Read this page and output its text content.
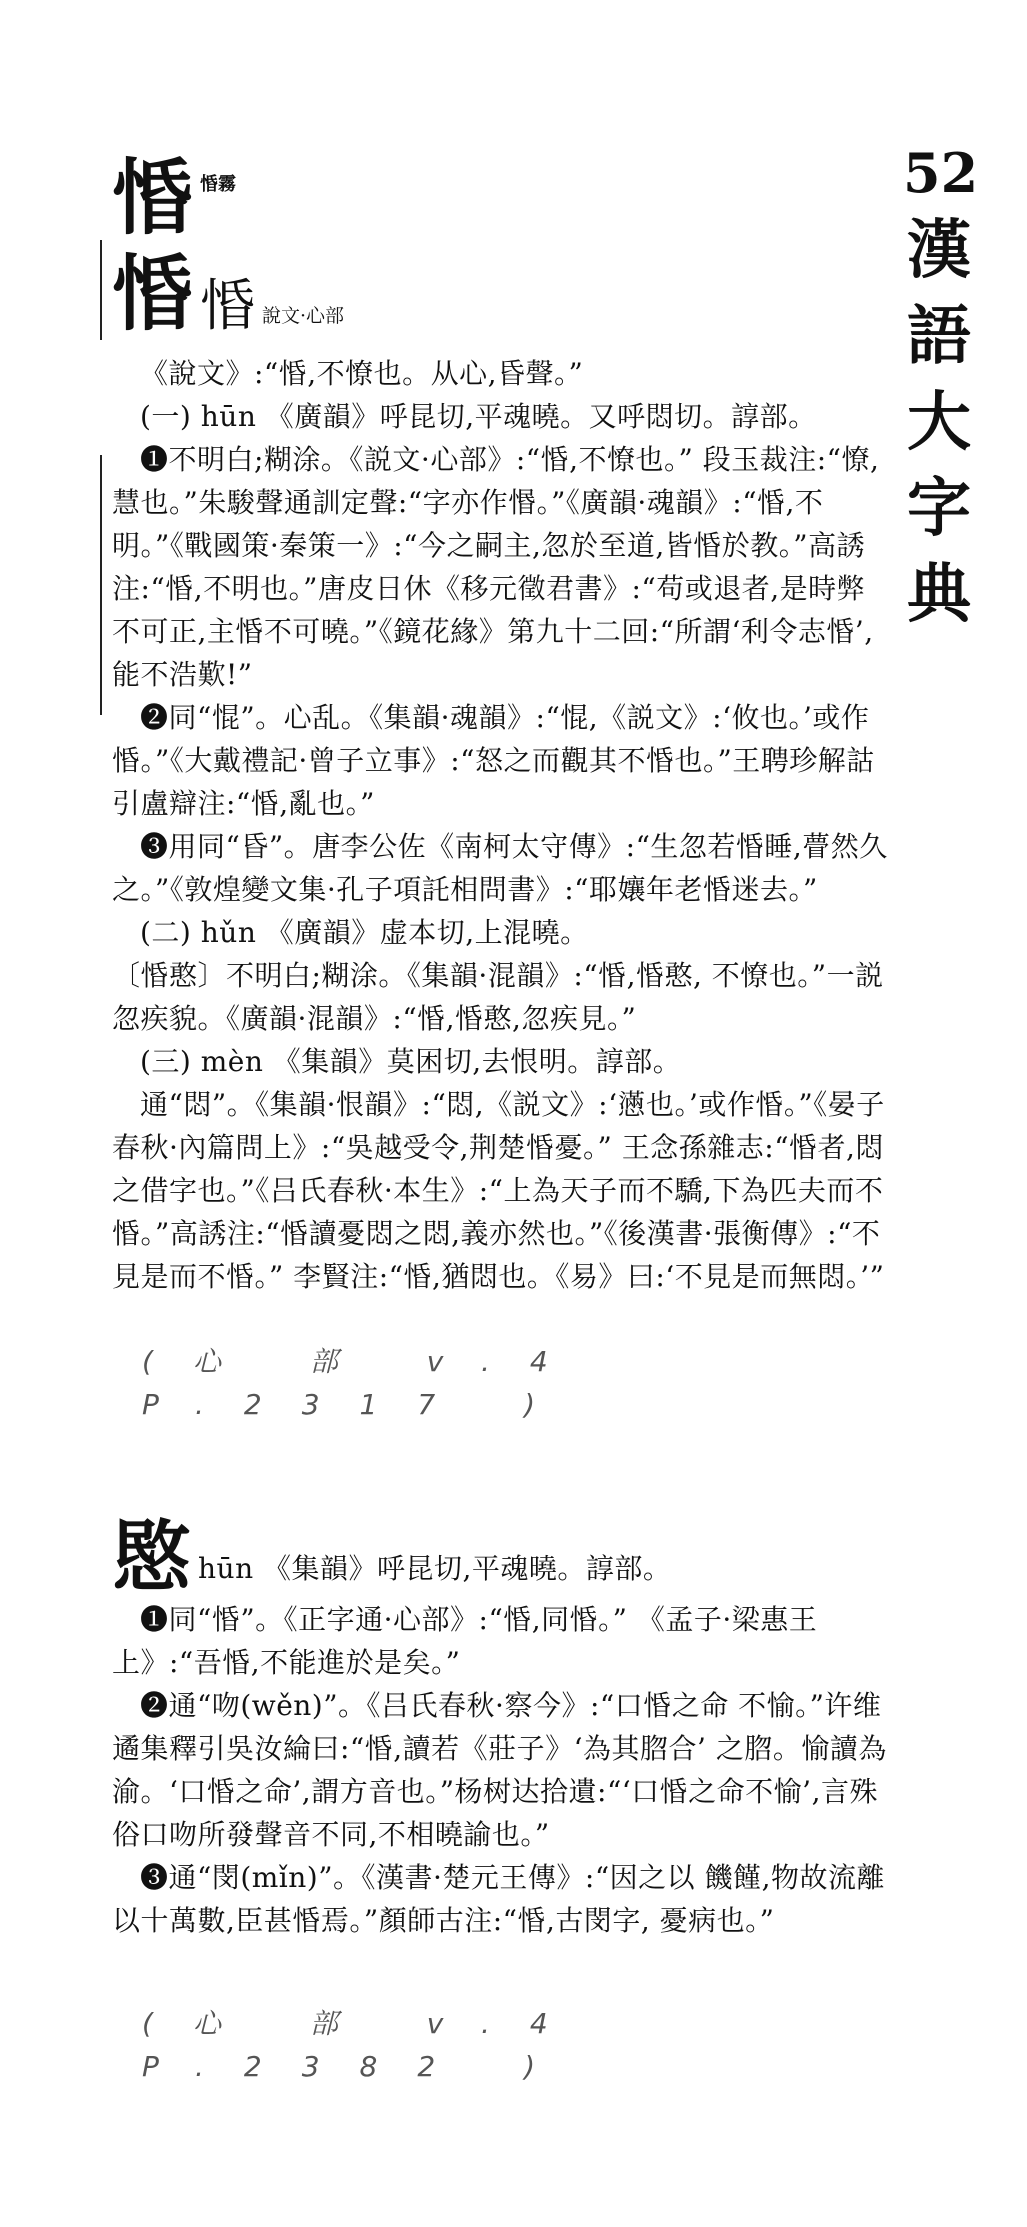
52
漢
語
大
字
典
惛 惛霧
惛 惛 說文·心部

《說文》:“惛,不憭也。从心,昏聲。”

(一) hūn 《廣韻》呼昆切,平魂曉。又呼悶切。諄部。

❶不明白;糊涂。《説文·心部》:“惛,不憭也。” 段玉裁注:“憭,慧也。”朱駿聲通訓定聲:“字亦作惽。”《廣韻·魂韻》:“惛,不明。”《戰國策·秦策一》:“今之嗣主,忽於至道,皆惛於教。”高誘注:“惛,不明也。”唐皮日休《移元徵君書》:“苟或退者,是時弊不可正,主惛不可曉。”《鏡花緣》第九十二回:“所謂‘利令志惛’,能不浩歎!”

❷同“惃”。心乱。《集韻·魂韻》:“惃,《説文》:‘攸也。’或作惛。”《大戴禮記·曾子立事》:“怒之而觀其不惛也。”王聘珍解詁引盧辯注:“惛,亂也。”

❸用同“昏”。唐李公佐《南柯太守傳》:“生忽若惛睡,瞢然久之。”《敦煌變文集·孔子項託相問書》:“耶孃年老惛迷去。”

(二) hǔn 《廣韻》虚本切,上混曉。

〔惛憨〕不明白;糊涂。《集韻·混韻》:“惛,惛憨, 不憭也。”一説忽疾貌。《廣韻·混韻》:“惛,惛憨,忽疾見。”

(三) mèn 《集韻》莫困切,去恨明。諄部。

通“悶”。《集韻·恨韻》:“悶,《説文》:‘懣也。’或作惛。”《晏子春秋·內篇問上》:“吳越受令,荆楚惛憂。” 王念孫雜志:“惛者,悶之借字也。”《吕氏春秋·本生》:“上為天子而不驕,下為匹夫而不惛。”高誘注:“惛讀憂悶之悶,義亦然也。”《後漢書·張衡傳》:“不見是而不惛。” 李賢注:“惛,猶悶也。《易》曰:‘不見是而無悶。’”

(心 部 v.4 P.2317 )

愍 hūn 《集韻》呼昆切,平魂曉。諄部。

❶同“惛”。《正字通·心部》:“惛,同惛。” 《孟子·梁惠王上》:“吾惛,不能進於是矣。”

❷通“吻(wěn)”。《吕氏春秋·察今》:“口惛之命 不愉。”许维遹集釋引吳汝綸曰:“惛,讀若《莊子》‘為其脗合’ 之脗。愉讀為渝。‘口惛之命’,謂方音也。”杨树达拾遺:“‘口惛之命不愉’,言殊俗口吻所發聲音不同,不相曉諭也。”

❸通“閔(mǐn)”。《漢書·楚元王傳》:“因之以 饑饉,物故流離以十萬數,臣甚惛焉。”顏師古注:“惛,古閔字, 憂病也。”

(心 部 v.4 P.2382 )
